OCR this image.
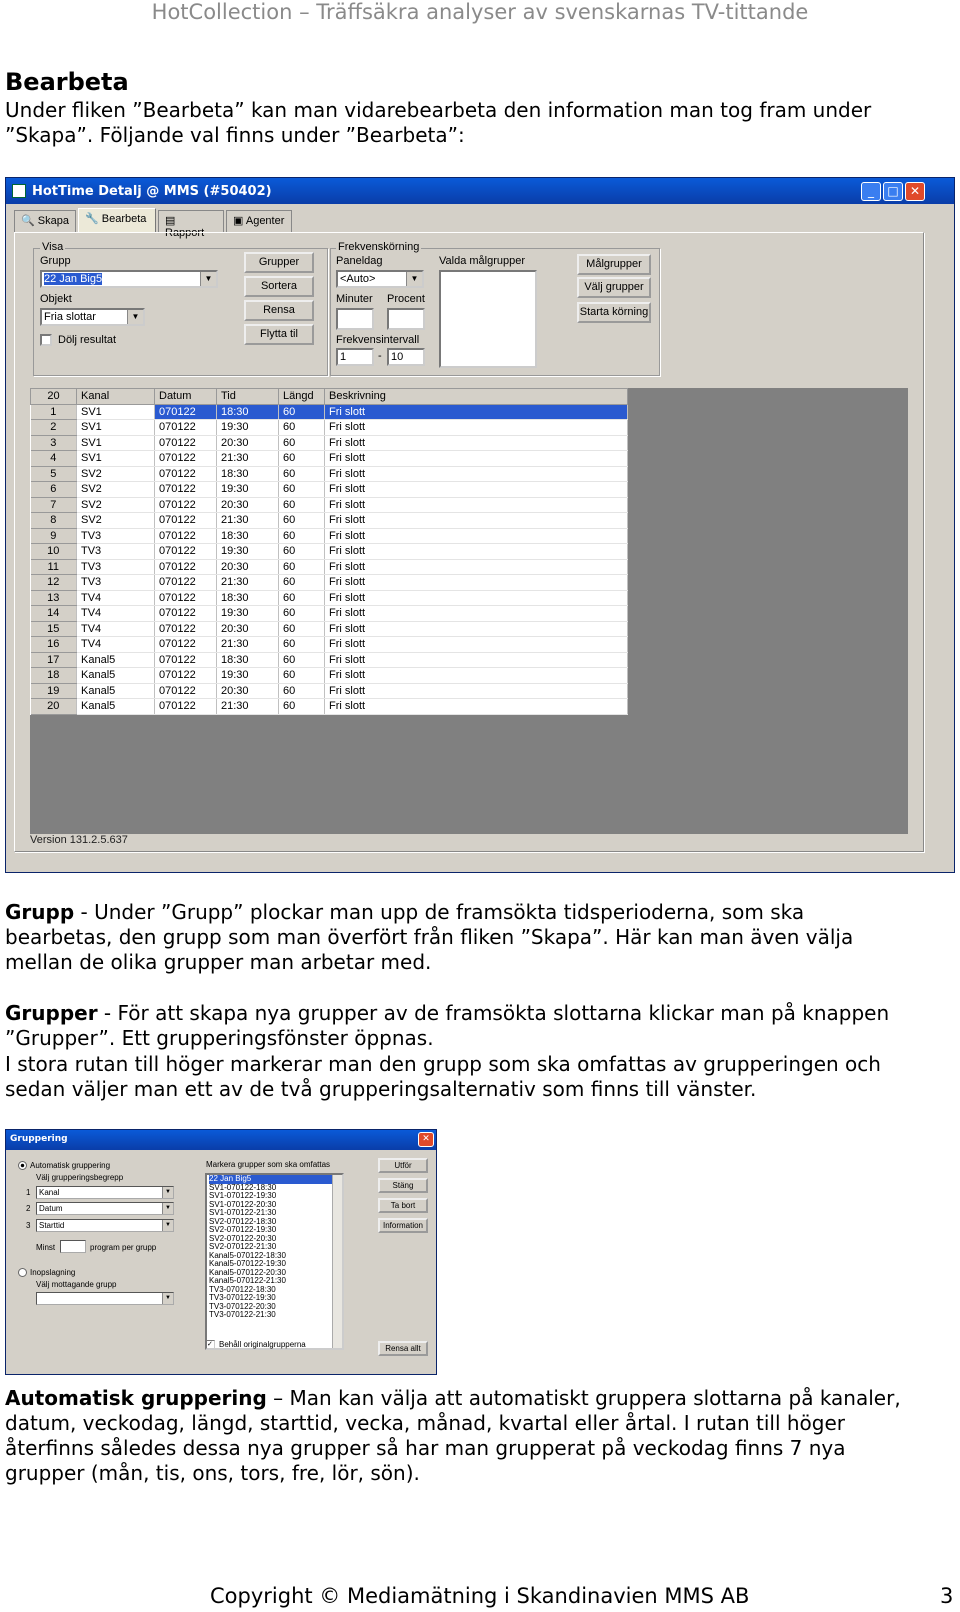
HotCollection – Träffsäkra analyser av svenskarnas TV-tittande
Bearbeta
Under fliken ”Bearbeta” kan man vidarebearbeta den information man tog fram under
”Skapa”. Följande val finns under ”Bearbeta”:
HotTime Detalj @ MMS (#50402)	_	□ ✕
🔍 Skapa	🔧 Bearbeta	▤ Rapport
▣ Agenter
Visa
Grupp
22 Jan Big5	▼
Objekt
Fria slottar	▼
Dölj resultat
Grupper
Sortera
Rensa
Flytta til
Frekvenskörning
Paneldag
<Auto>	▼
Minuter Procent
Frekvensintervall
1	- 10
Valda målgrupper	Målgrupper
Välj grupper
Starta körning
20	Kanal	Datum	Tid	Längd	Beskrivning
1	SV1	070122	18:30	60	Fri slott
2	SV1	070122	19:30	60	Fri slott
3	SV1	070122	20:30	60	Fri slott
4	SV1	070122	21:30	60	Fri slott
5	SV2	070122	18:30	60	Fri slott
6	SV2	070122	19:30	60	Fri slott
7	SV2	070122	20:30	60	Fri slott
8	SV2	070122	21:30	60	Fri slott
9	TV3	070122	18:30	60	Fri slott
10	TV3	070122	19:30	60	Fri slott
11	TV3	070122	20:30	60	Fri slott
12	TV3	070122	21:30	60	Fri slott
13	TV4	070122	18:30	60	Fri slott
14	TV4	070122	19:30	60	Fri slott
15	TV4	070122	20:30	60	Fri slott
16	TV4	070122	21:30	60	Fri slott
17	Kanal5	070122	18:30	60	Fri slott
18	Kanal5	070122	19:30	60	Fri slott
19	Kanal5	070122	20:30	60	Fri slott
20	Kanal5	070122	21:30	60	Fri slott
Version 131.2.5.637
Grupp - Under ”Grupp” plockar man upp de framsökta tidsperioderna, som ska
bearbetas, den grupp som man överfört från fliken ”Skapa”. Här kan man även välja
mellan de olika grupper man arbetar med.
Grupper - För att skapa nya grupper av de framsökta slottarna klickar man på knappen
”Grupper”. Ett grupperingsfönster öppnas.
I stora rutan till höger markerar man den grupp som ska omfattas av grupperingen och
sedan väljer man ett av de två grupperingsalternativ som finns till vänster.
Gruppering	✕
Automatisk gruppering
Välj grupperingsbegrepp
1	Kanal	▼
2	Datum	▼
3	Starttid	▼
Minst	program per grupp
Inopslagning
Välj mottagande grupp
▼
Markera grupper som ska omfattas
22 Jan Big5
SV1-070122-18:30
SV1-070122-19:30
SV1-070122-20:30
SV1-070122-21:30
SV2-070122-18:30
SV2-070122-19:30
SV2-070122-20:30
SV2-070122-21:30
Kanal5-070122-18:30
Kanal5-070122-19:30
Kanal5-070122-20:30
Kanal5-070122-21:30
TV3-070122-18:30
TV3-070122-19:30
TV3-070122-20:30
TV3-070122-21:30
✓ Behåll originalgrupperna
Utför
Stäng
Ta bort
Information
Rensa allt
Automatisk gruppering – Man kan välja att automatiskt gruppera slottarna på kanaler,
datum, veckodag, längd, starttid, vecka, månad, kvartal eller årtal. I rutan till höger
återfinns således dessa nya grupper så har man grupperat på veckodag finns 7 nya
grupper (mån, tis, ons, tors, fre, lör, sön).
Copyright © Mediamätning i Skandinavien MMS AB	3
